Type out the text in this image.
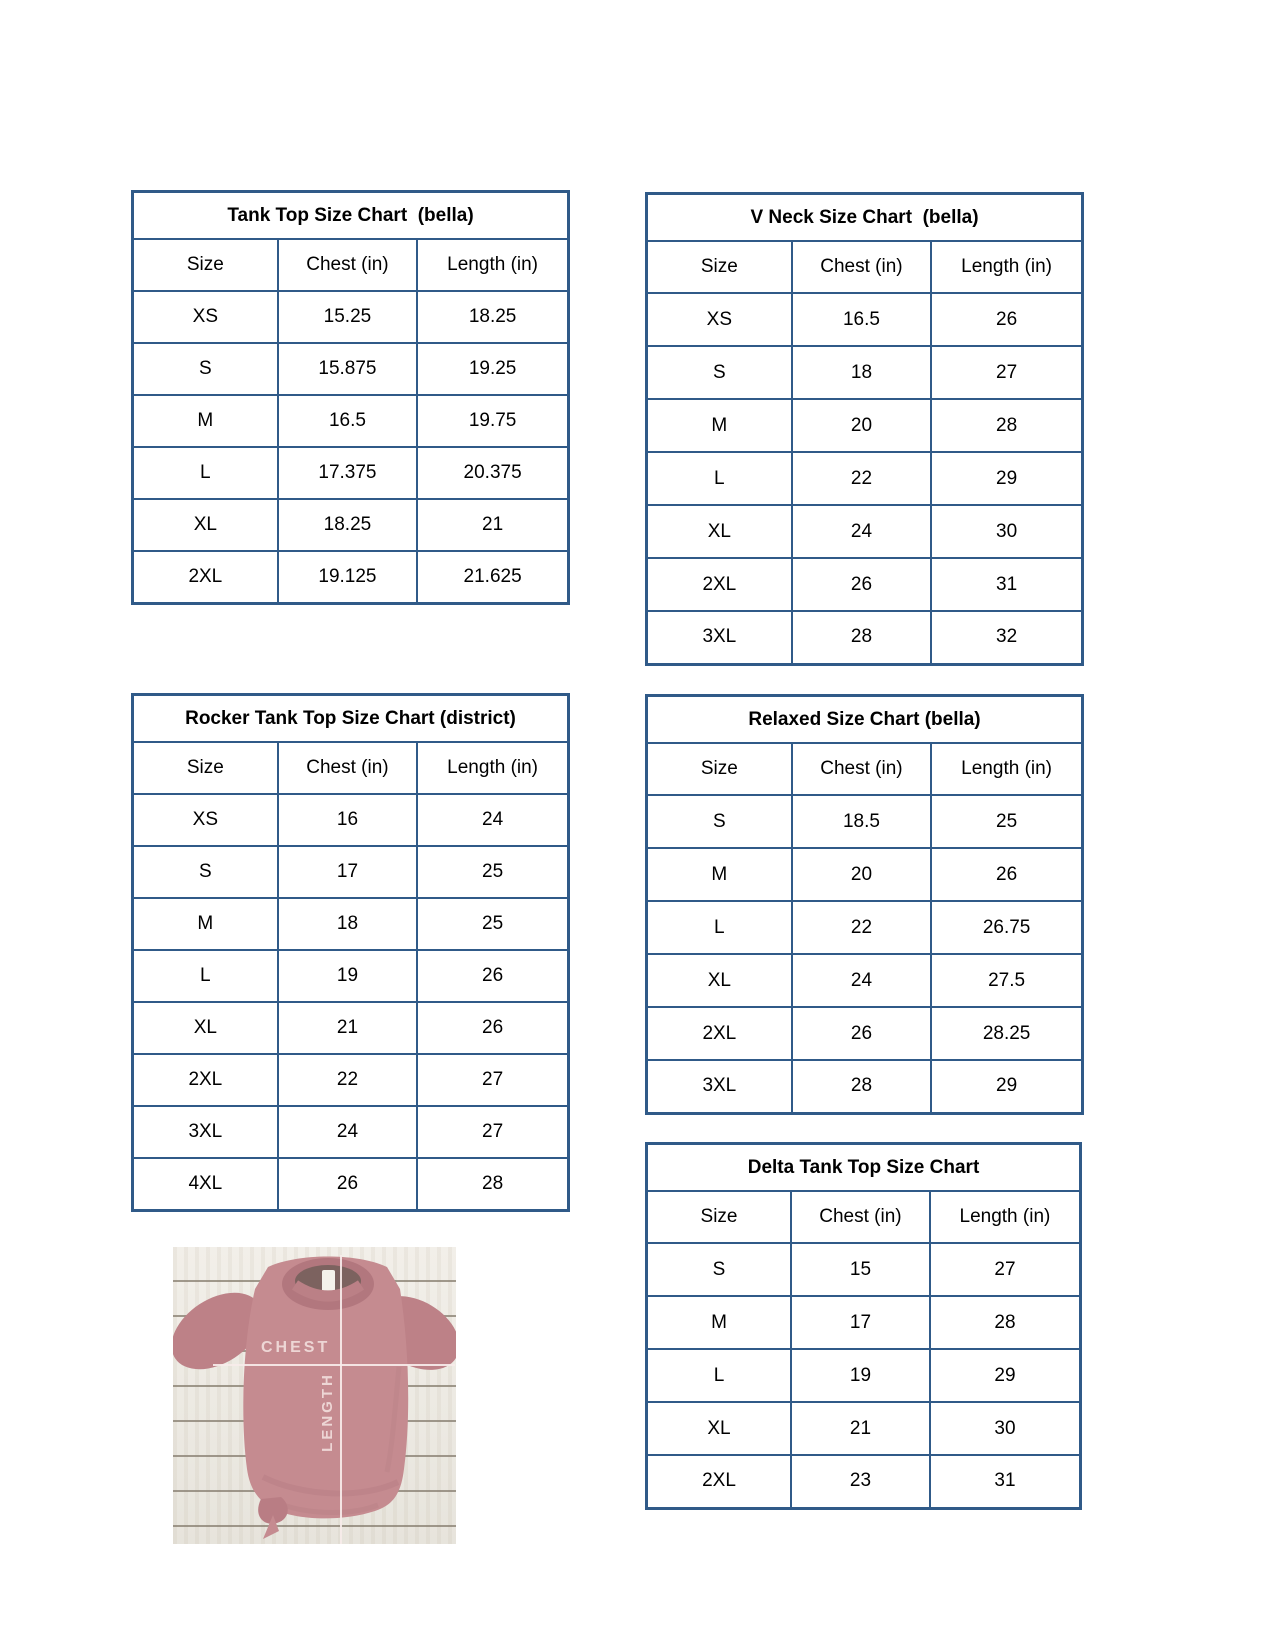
Tank Top Size Chart  (bella)		
Size	Chest (in)	Length (in)
XS	15.25	18.25
S	15.875	19.25
M	16.5	19.75
L	17.375	20.375
XL	18.25	21
2XL	19.125	21.625
V Neck Size Chart  (bella)		
Size	Chest (in)	Length (in)
XS	16.5	26
S	18	27
M	20	28
L	22	29
XL	24	30
2XL	26	31
3XL	28	32
Rocker Tank Top Size Chart (district)		
Size	Chest (in)	Length (in)
XS	16	24
S	17	25
M	18	25
L	19	26
XL	21	26
2XL	22	27
3XL	24	27
4XL	26	28
Relaxed Size Chart (bella)		
Size	Chest (in)	Length (in)
S	18.5	25
M	20	26
L	22	26.75
XL	24	27.5
2XL	26	28.25
3XL	28	29
Delta Tank Top Size Chart		
Size	Chest (in)	Length (in)
S	15	27
M	17	28
L	19	29
XL	21	30
2XL	23	31
CHEST
LENGTH
